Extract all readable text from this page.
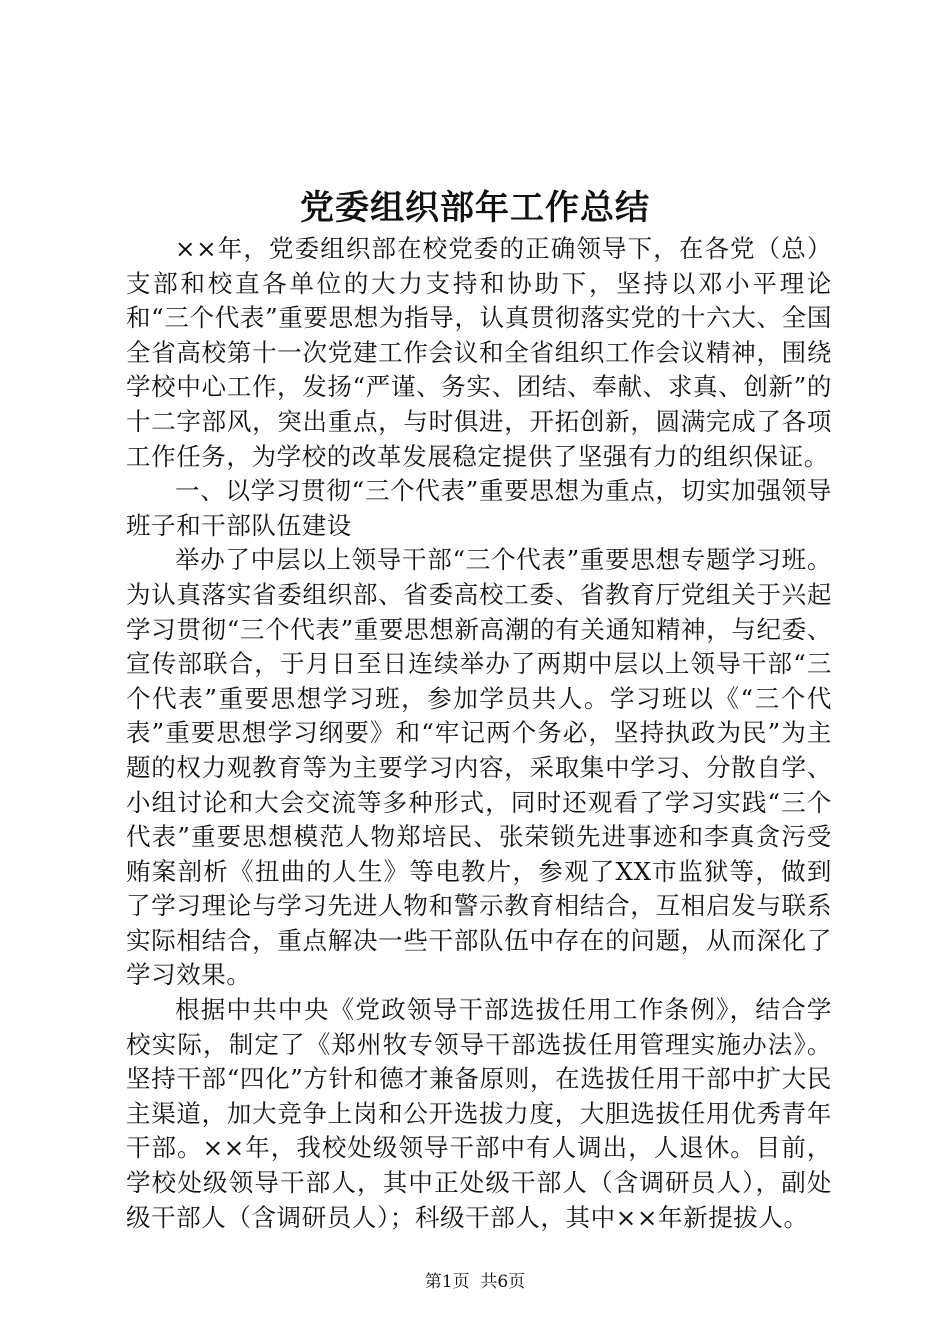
党委组织部年工作总结

××年，党委组织部在校党委的正确领导下，在各党（总）支部和校直各单位的大力支持和协助下，坚持以邓小平理论和“三个代表”重要思想为指导，认真贯彻落实党的十六大、全国全省高校第十一次党建工作会议和全省组织工作会议精神，围绕学校中心工作，发扬“严谨、务实、团结、奉献、求真、创新”的十二字部风，突出重点，与时俱进，开拓创新，圆满完成了各项工作任务，为学校的改革发展稳定提供了坚强有力的组织保证。

一、以学习贯彻“三个代表”重要思想为重点，切实加强领导班子和干部队伍建设

举办了中层以上领导干部“三个代表”重要思想专题学习班。为认真落实省委组织部、省委高校工委、省教育厅党组关于兴起学习贯彻“三个代表”重要思想新高潮的有关通知精神，与纪委、宣传部联合，于月日至日连续举办了两期中层以上领导干部“三个代表”重要思想学习班，参加学员共人。学习班以《“三个代表”重要思想学习纲要》和“牢记两个务必，坚持执政为民”为主题的权力观教育等为主要学习内容，采取集中学习、分散自学、小组讨论和大会交流等多种形式，同时还观看了学习实践“三个代表”重要思想模范人物郑培民、张荣锁先进事迹和李真贪污受贿案剖析《扭曲的人生》等电教片，参观了XX市监狱等，做到了学习理论与学习先进人物和警示教育相结合，互相启发与联系实际相结合，重点解决一些干部队伍中存在的问题，从而深化了学习效果。

根据中共中央《党政领导干部选拔任用工作条例》，结合学校实际，制定了《郑州牧专领导干部选拔任用管理实施办法》。坚持干部“四化”方针和德才兼备原则，在选拔任用干部中扩大民主渠道，加大竞争上岗和公开选拔力度，大胆选拔任用优秀青年干部。××年，我校处级领导干部中有人调出，人退休。目前，学校处级领导干部人，其中正处级干部人（含调研员人），副处级干部人（含调研员人）；科级干部人，其中××年新提拔人。

第1页 共6页
